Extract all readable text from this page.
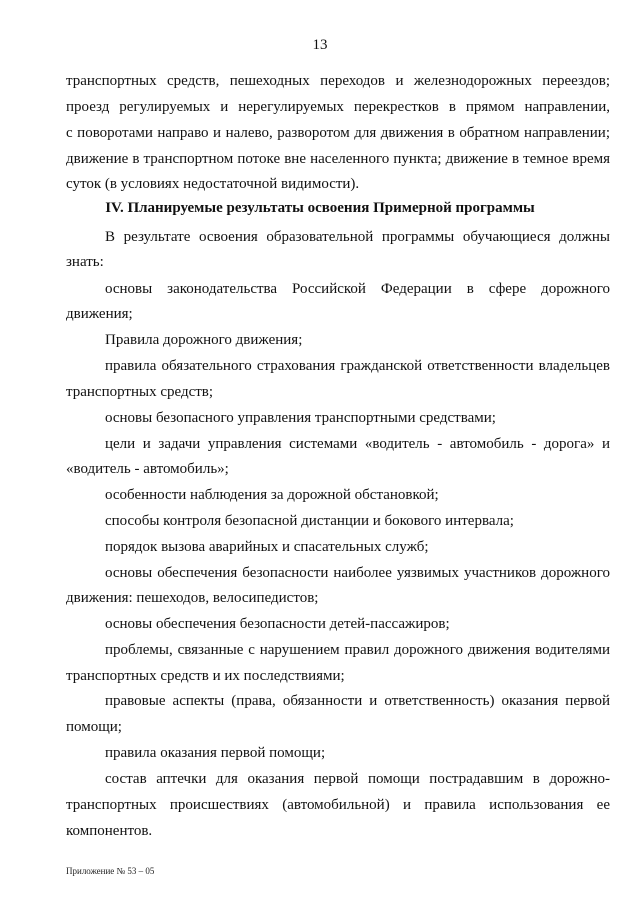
13
транспортных средств, пешеходных переходов и железнодорожных переездов;
проезд регулируемых и нерегулируемых перекрестков в прямом направлении,
с поворотами направо и налево, разворотом для движения в обратном направлении;
движение в транспортном потоке вне населенного пункта; движение в темное время
суток (в условиях недостаточной видимости).
IV. Планируемые результаты освоения Примерной программы
В результате освоения образовательной программы обучающиеся должны
знать:
основы законодательства Российской Федерации в сфере дорожного
движения;
Правила дорожного движения;
правила обязательного страхования гражданской ответственности владельцев
транспортных средств;
основы безопасного управления транспортными средствами;
цели и задачи управления системами «водитель - автомобиль - дорога» и
«водитель - автомобиль»;
особенности наблюдения за дорожной обстановкой;
способы контроля безопасной дистанции и бокового интервала;
порядок вызова аварийных и спасательных служб;
основы обеспечения безопасности наиболее уязвимых участников дорожного
движения: пешеходов, велосипедистов;
основы обеспечения безопасности детей-пассажиров;
проблемы, связанные с нарушением правил дорожного движения водителями
транспортных средств и их последствиями;
правовые аспекты (права, обязанности и ответственность) оказания первой
помощи;
правила оказания первой помощи;
состав аптечки для оказания первой помощи пострадавшим в дорожно-
транспортных происшествиях (автомобильной) и правила использования ее
компонентов.
Приложение № 53 – 05
